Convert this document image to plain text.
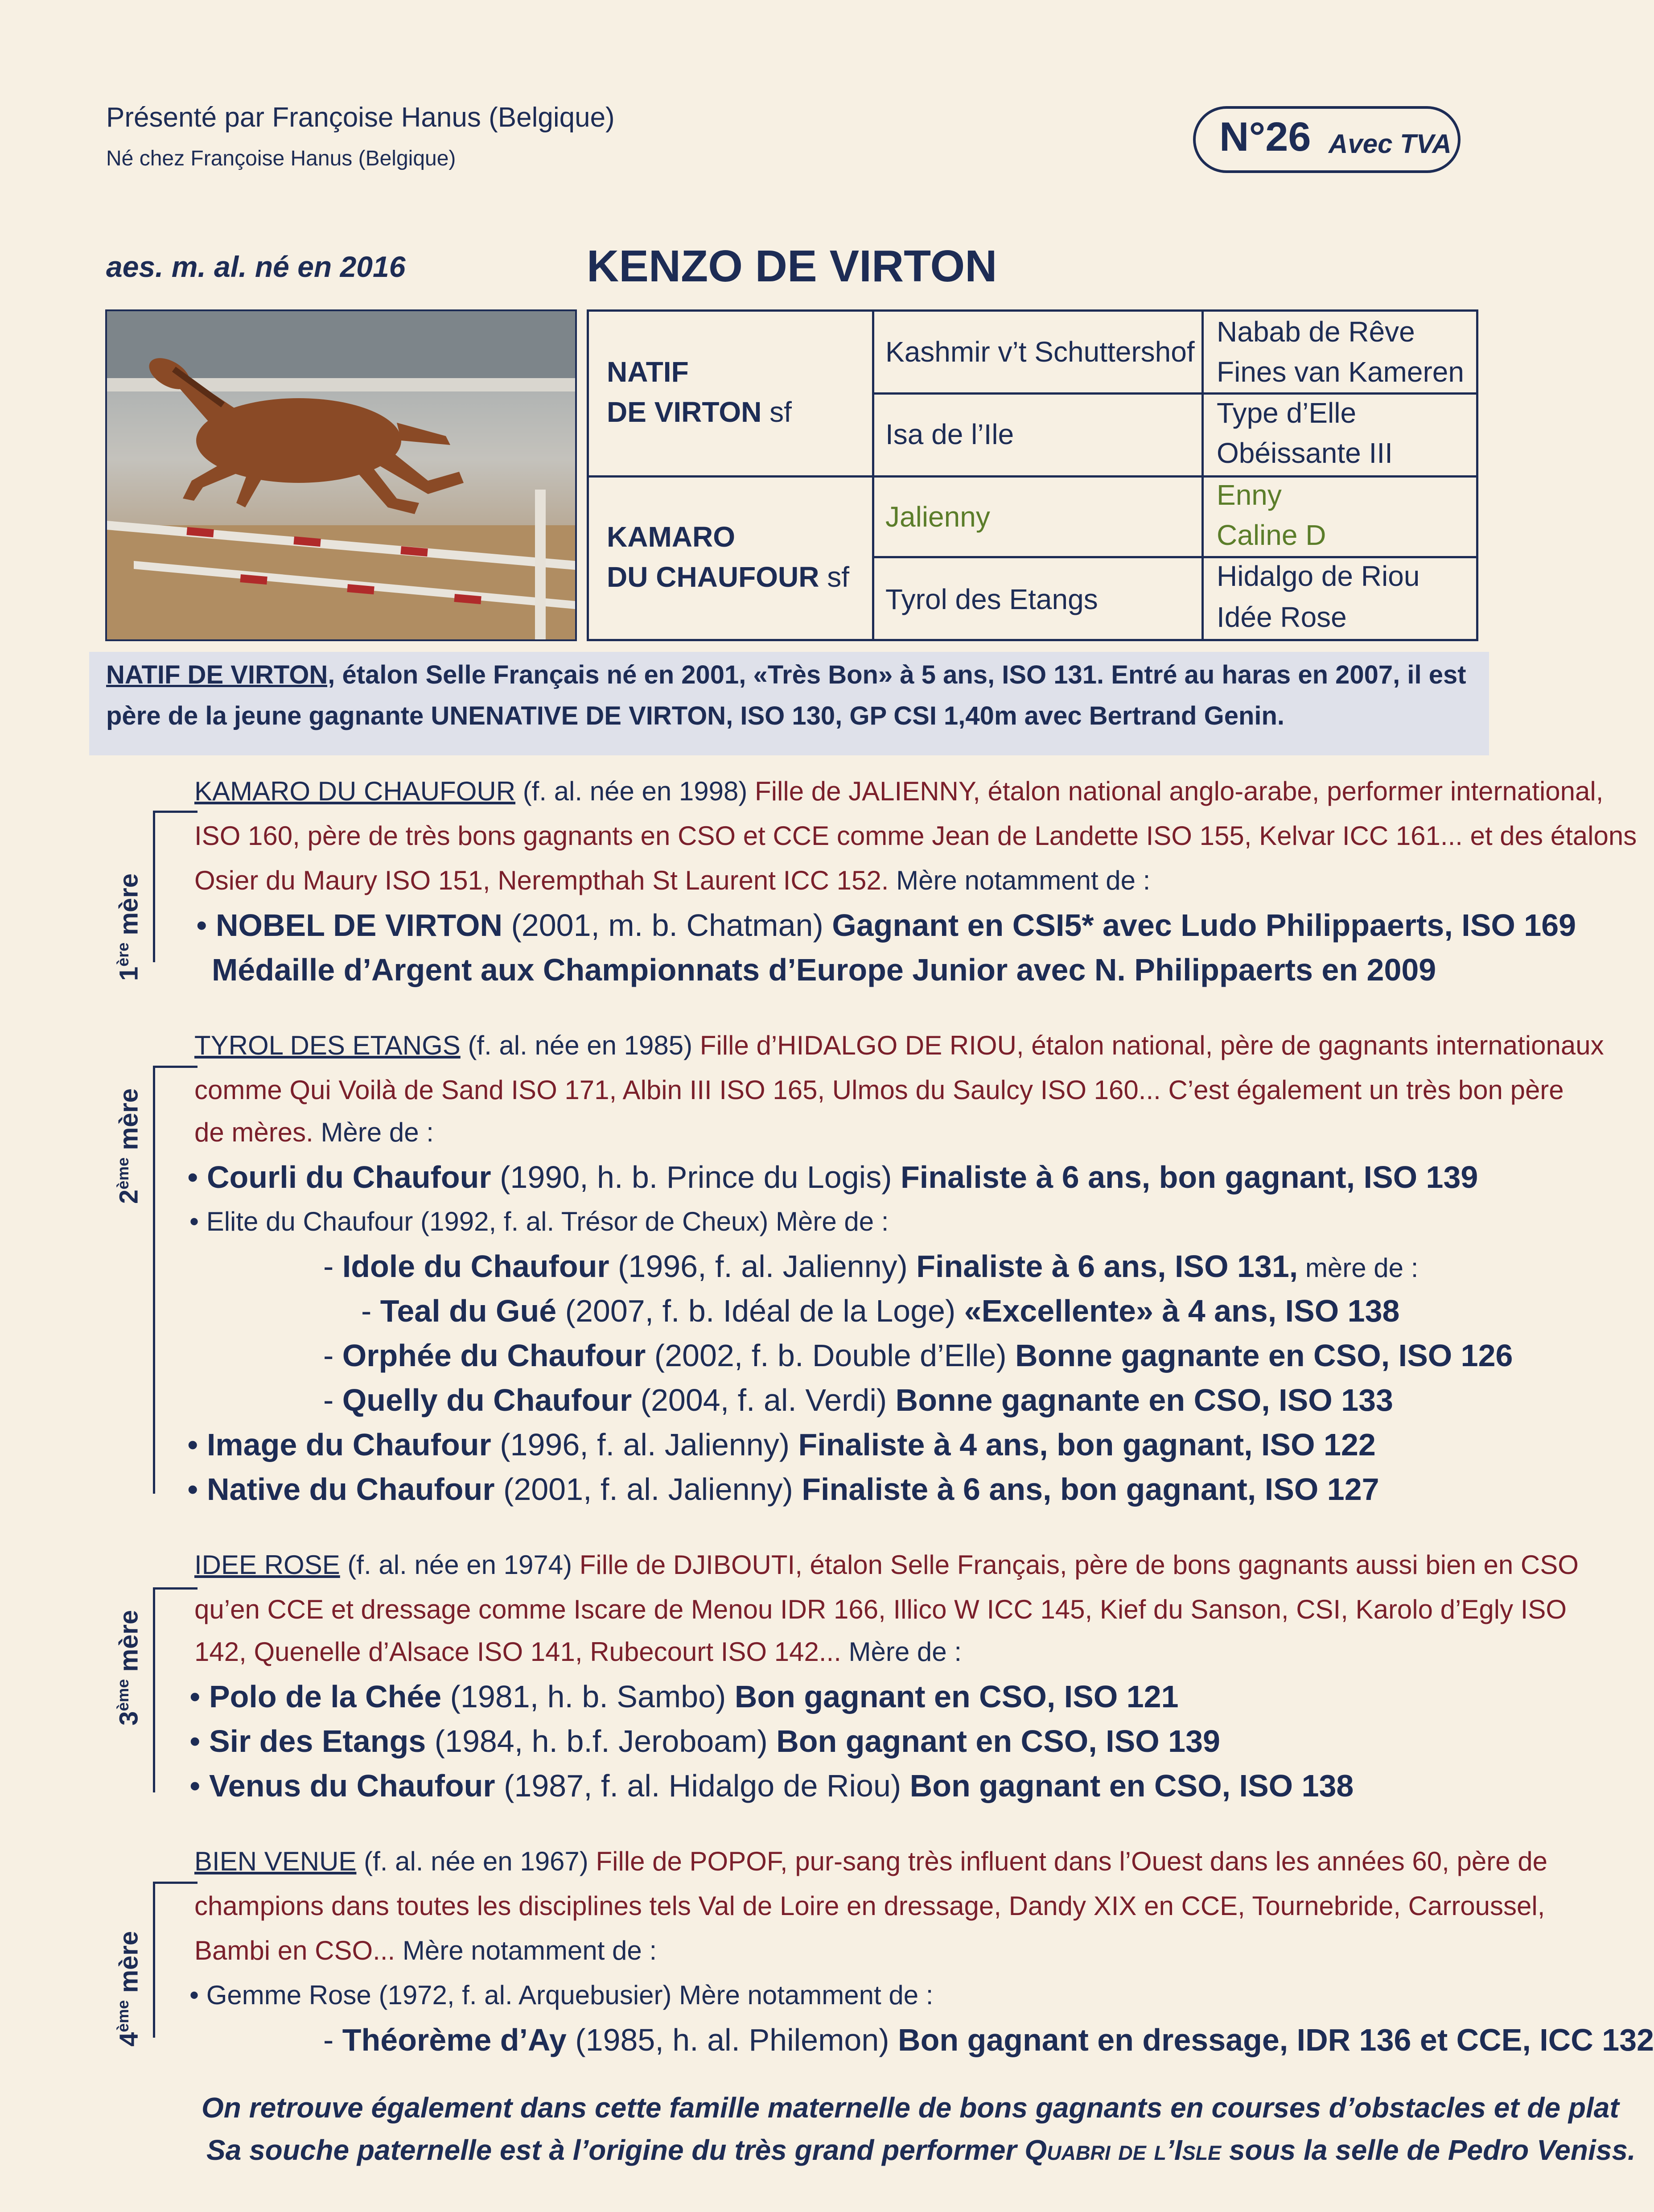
Présenté par Françoise Hanus (Belgique)
Né chez Françoise Hanus (Belgique)	N°26 Avec TVA
aes. m. al. né en 2016	KENZO DE VIRTON
NATIF
DE VIRTON sf
KAMARO
DU CHAUFOUR sf
Kashmir v’t Schuttershof
Isa de l’Ile
Jalienny
Tyrol des Etangs
Nabab de Rêve
Fines van Kameren
Type d’Elle
Obéissante III
Enny
Caline D
Hidalgo de Riou
Idée Rose
NATIF DE VIRTON, étalon Selle Français né en 2001, «Très Bon» à 5 ans, ISO 131. Entré au haras en 2007, il est
père de la jeune gagnante UNENATIVE DE VIRTON, ISO 130, GP CSI 1,40m avec Bertrand Genin.
1ère mère
KAMARO DU CHAUFOUR (f. al. née en 1998) Fille de JALIENNY, étalon national anglo-arabe, performer international,
ISO 160, père de très bons gagnants en CSO et CCE comme Jean de Landette ISO 155, Kelvar ICC 161... et des étalons
Osier du Maury ISO 151, Nerempthah St Laurent ICC 152. Mère notamment de :
• NOBEL DE VIRTON (2001, m. b. Chatman) Gagnant en CSI5* avec Ludo Philippaerts, ISO 169
Médaille d’Argent aux Championnats d’Europe Junior avec N. Philippaerts en 2009
2ème mère
TYROL DES ETANGS (f. al. née en 1985) Fille d’HIDALGO DE RIOU, étalon national, père de gagnants internationaux
comme Qui Voilà de Sand ISO 171, Albin III ISO 165, Ulmos du Saulcy ISO 160... C’est également un très bon père
de mères. Mère de :
• Courli du Chaufour (1990, h. b. Prince du Logis) Finaliste à 6 ans, bon gagnant, ISO 139
• Elite du Chaufour (1992, f. al. Trésor de Cheux) Mère de :
- Idole du Chaufour (1996, f. al. Jalienny) Finaliste à 6 ans, ISO 131, mère de :
- Teal du Gué (2007, f. b. Idéal de la Loge) «Excellente» à 4 ans, ISO 138
- Orphée du Chaufour (2002, f. b. Double d’Elle) Bonne gagnante en CSO, ISO 126
- Quelly du Chaufour (2004, f. al. Verdi) Bonne gagnante en CSO, ISO 133
• Image du Chaufour (1996, f. al. Jalienny) Finaliste à 4 ans, bon gagnant, ISO 122
• Native du Chaufour (2001, f. al. Jalienny) Finaliste à 6 ans, bon gagnant, ISO 127
3ème mère
IDEE ROSE (f. al. née en 1974) Fille de DJIBOUTI, étalon Selle Français, père de bons gagnants aussi bien en CSO
qu’en CCE et dressage comme Iscare de Menou IDR 166, Illico W ICC 145, Kief du Sanson, CSI, Karolo d’Egly ISO
142, Quenelle d’Alsace ISO 141, Rubecourt ISO 142... Mère de :
• Polo de la Chée (1981, h. b. Sambo) Bon gagnant en CSO, ISO 121
• Sir des Etangs (1984, h. b.f. Jeroboam) Bon gagnant en CSO, ISO 139
• Venus du Chaufour (1987, f. al. Hidalgo de Riou) Bon gagnant en CSO, ISO 138
4ème mère
BIEN VENUE (f. al. née en 1967) Fille de POPOF, pur-sang très influent dans l’Ouest dans les années 60, père de
champions dans toutes les disciplines tels Val de Loire en dressage, Dandy XIX en CCE, Tournebride, Carroussel,
Bambi en CSO... Mère notamment de :
• Gemme Rose (1972, f. al. Arquebusier) Mère notamment de :
- Théorème d’Ay (1985, h. al. Philemon) Bon gagnant en dressage, IDR 136 et CCE, ICC 132
On retrouve également dans cette famille maternelle de bons gagnants en courses d’obstacles et de plat
Sa souche paternelle est à l’origine du très grand performer Quabri de l’Isle sous la selle de Pedro Veniss.
